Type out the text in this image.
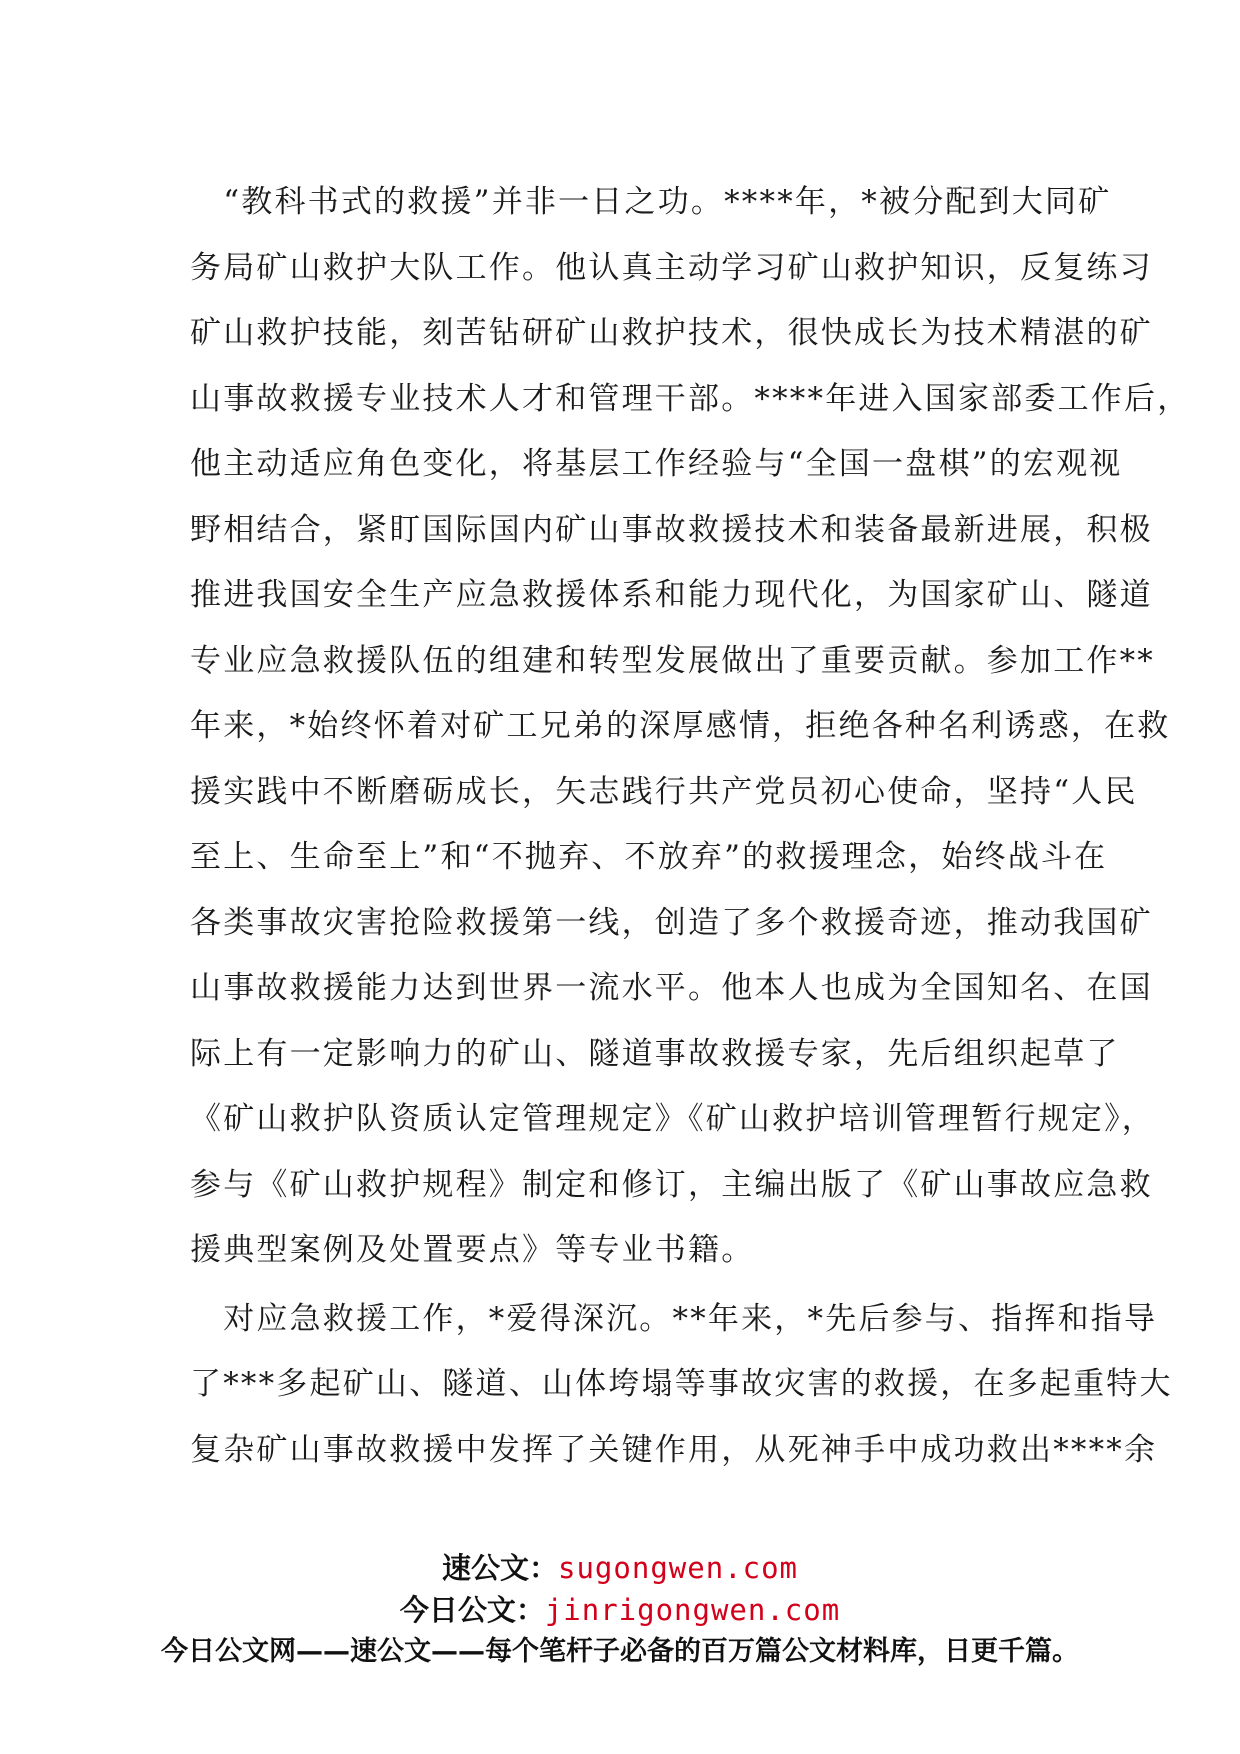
　“教科书式的救援”并非一日之功。****年，*被分配到大同矿
务局矿山救护大队工作。他认真主动学习矿山救护知识，反复练习
矿山救护技能，刻苦钻研矿山救护技术，很快成长为技术精湛的矿
山事故救援专业技术人才和管理干部。****年进入国家部委工作后，
他主动适应角色变化，将基层工作经验与“全国一盘棋”的宏观视
野相结合，紧盯国际国内矿山事故救援技术和装备最新进展，积极
推进我国安全生产应急救援体系和能力现代化，为国家矿山、隧道
专业应急救援队伍的组建和转型发展做出了重要贡献。参加工作**
年来，*始终怀着对矿工兄弟的深厚感情，拒绝各种名利诱惑，在救
援实践中不断磨砺成长，矢志践行共产党员初心使命，坚持“人民
至上、生命至上”和“不抛弃、不放弃”的救援理念，始终战斗在
各类事故灾害抢险救援第一线，创造了多个救援奇迹，推动我国矿
山事故救援能力达到世界一流水平。他本人也成为全国知名、在国
际上有一定影响力的矿山、隧道事故救援专家，先后组织起草了
《矿山救护队资质认定管理规定》《矿山救护培训管理暂行规定》，
参与《矿山救护规程》制定和修订，主编出版了《矿山事故应急救
援典型案例及处置要点》等专业书籍。
　对应急救援工作，*爱得深沉。**年来，*先后参与、指挥和指导
了***多起矿山、隧道、山体垮塌等事故灾害的救援，在多起重特大
复杂矿山事故救援中发挥了关键作用，从死神手中成功救出****余
速公文：sugongwen.com
今日公文：jinrigongwen.com
今日公文网——速公文——每个笔杆子必备的百万篇公文材料库，日更千篇。
